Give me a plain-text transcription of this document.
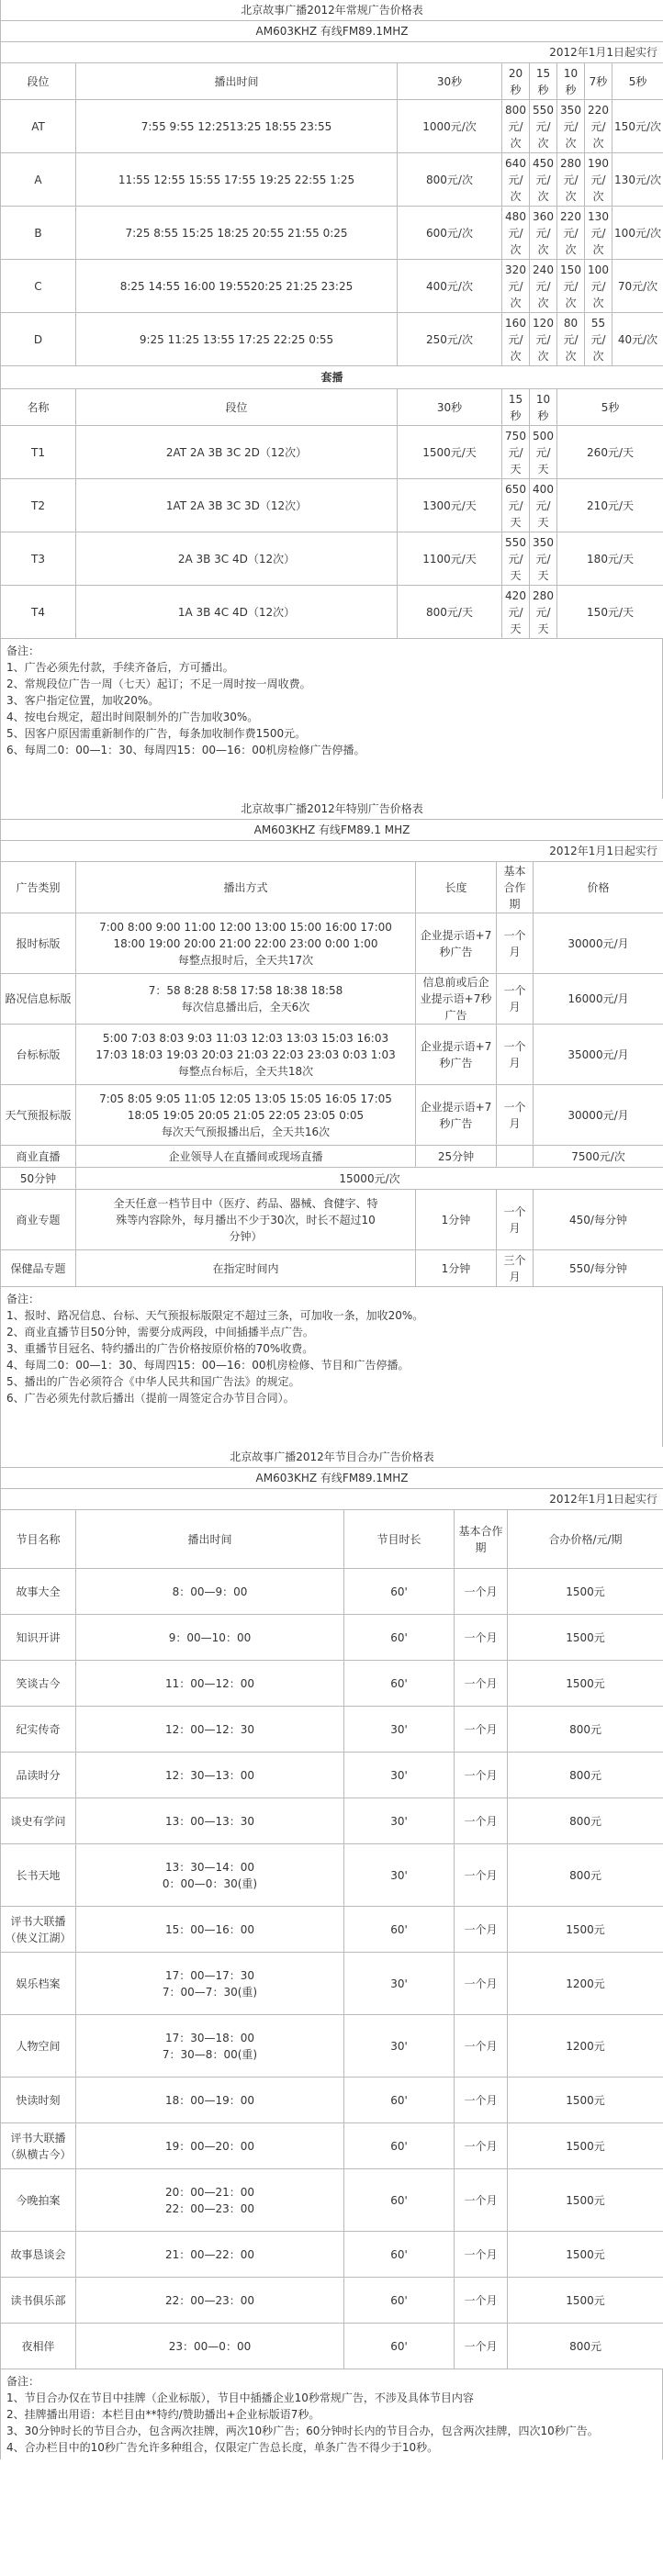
北京故事广播2012年常规广告价格表							
AM603KHZ 有线FM89.1MHZ							
2012年1月1日起实行							
段位	播出时间	30秒	20秒	15秒	10秒	7秒	5秒
AT	7:55 9:55 12:2513:25 18:55 23:55	1000元/次	800元/次	550元/次	350元/次	220元/次	150元/次
A	11:55 12:55 15:55 17:55 19:25 22:55 1:25	800元/次	640元/次	450元/次	280元/次	190元/次	130元/次
B	7:25 8:55 15:25 18:25 20:55 21:55 0:25	600元/次	480元/次	360元/次	220元/次	130元/次	100元/次
C	8:25 14:55 16:00 19:5520:25 21:25 23:25	400元/次	320元/次	240元/次	150元/次	100元/次	70元/次
D	9:25 11:25 13:55 17:25 22:25 0:55	250元/次	160元/次	120元/次	80元/次	55元/次	40元/次
套播							
名称	段位	30秒	15秒	10秒	5秒		
T1	2AT 2A 3B 3C 2D（12次）	1500元/天	750元/天	500元/天	260元/天		
T2	1AT 2A 3B 3C 3D（12次）	1300元/天	650元/天	400元/天	210元/天		
T3	2A 3B 3C 4D（12次）	1100元/天	550元/天	350元/天	180元/天		
T4	1A 3B 4C 4D（12次）	800元/天	420元/天	280元/天	150元/天		
备注：
1、广告必须先付款，手续齐备后，方可播出。
2、常规段位广告一周（七天）起订；不足一周时按一周收费。
3、客户指定位置，加收20%。
4、按电台规定，超出时间限制外的广告加收30%。
5、因客户原因需重新制作的广告，每条加收制作费1500元。
6、每周二0：00—1：30、每周四15：00—16：00机房检修广告停播。
北京故事广播2012年特别广告价格表				
AM603KHZ 有线FM89.1 MHZ				
2012年1月1日起实行				
广告类别	播出方式	长度	基本合作期	价格
报时标版	7:00 8:00 9:00 11:00 12:00 13:00 15:00 16:00 17:00
18:00 19:00 20:00 21:00 22:00 23:00 0:00 1:00
每整点报时后，全天共17次	企业提示语+7秒广告	一个月	30000元/月
路况信息标版	7：58 8:28 8:58 17:58 18:38 18:58
每次信息播出后，全天6次	信息前或后企业提示语+7秒广告	一个月	16000元/月
台标标版	5:00 7:03 8:03 9:03 11:03 12:03 13:03 15:03 16:03
17:03 18:03 19:03 20:03 21:03 22:03 23:03 0:03 1:03
每整点台标后，全天共18次	企业提示语+7秒广告	一个月	35000元/月
天气预报标版	7:05 8:05 9:05 11:05 12:05 13:05 15:05 16:05 17:05
18:05 19:05 20:05 21:05 22:05 23:05 0:05
每次天气预报播出后，全天共16次	企业提示语+7秒广告	一个月	30000元/月
商业直播	企业领导人在直播间或现场直播	25分钟		7500元/次
50分钟	15000元/次			
商业专题	全天任意一档节目中（医疗、药品、器械、食健字、特
殊等内容除外，每月播出不少于30次，时长不超过10
分钟）	1分钟	一个月	450/每分钟
保健品专题	在指定时间内	1分钟	三个月	550/每分钟
备注：
1、报时、路况信息、台标、天气预报标版限定不超过三条，可加收一条，加收20%。
2、商业直播节目50分钟，需要分成两段，中间插播半点广告。
3、重播节目冠名、特约播出的广告价格按原价格的70%收费。
4、每周二0：00—1：30、每周四15：00—16：00机房检修、节目和广告停播。
5、播出的广告必须符合《中华人民共和国广告法》的规定。
6、广告必须先付款后播出（提前一周签定合办节目合同）。
北京故事广播2012年节目合办广告价格表				
AM603KHZ 有线FM89.1MHZ				
2012年1月1日起实行				
节目名称	播出时间	节目时长	基本合作期	合办价格/元/期
故事大全	8：00—9：00	60'	一个月	1500元
知识开讲	9：00—10：00	60'	一个月	1500元
笑谈古今	11：00—12：00	60'	一个月	1500元
纪实传奇	12：00—12：30	30'	一个月	800元
品读时分	12：30—13：00	30'	一个月	800元
谈史有学问	13：00—13：30	30'	一个月	800元
长书天地	13：30—14：00
0：00—0：30(重)	30'	一个月	800元
评书大联播（侠义江湖）	15：00—16：00	60'	一个月	1500元
娱乐档案	17：00—17：30
7：00—7：30(重)	30'	一个月	1200元
人物空间	17：30—18：00
7：30—8：00(重)	30'	一个月	1200元
快读时刻	18：00—19：00	60'	一个月	1500元
评书大联播（纵横古今）	19：00—20：00	60'	一个月	1500元
今晚拍案	20：00—21：00
22：00—23：00	60'	一个月	1500元
故事恳谈会	21：00—22：00	60'	一个月	1500元
读书俱乐部	22：00—23：00	60'	一个月	1500元
夜相伴	23：00—0：00	60'	一个月	800元
备注：
1、节目合办仅在节目中挂牌（企业标版），节目中插播企业10秒常规广告，不涉及具体节目内容
2、挂牌播出用语：本栏目由**特约/赞助播出+企业标版语7秒。
3、30分钟时长的节目合办，包含两次挂牌，两次10秒广告；60分钟时长内的节目合办，包含两次挂牌，四次10秒广告。
4、合办栏目中的10秒广告允许多种组合，仅限定广告总长度，单条广告不得少于10秒。
